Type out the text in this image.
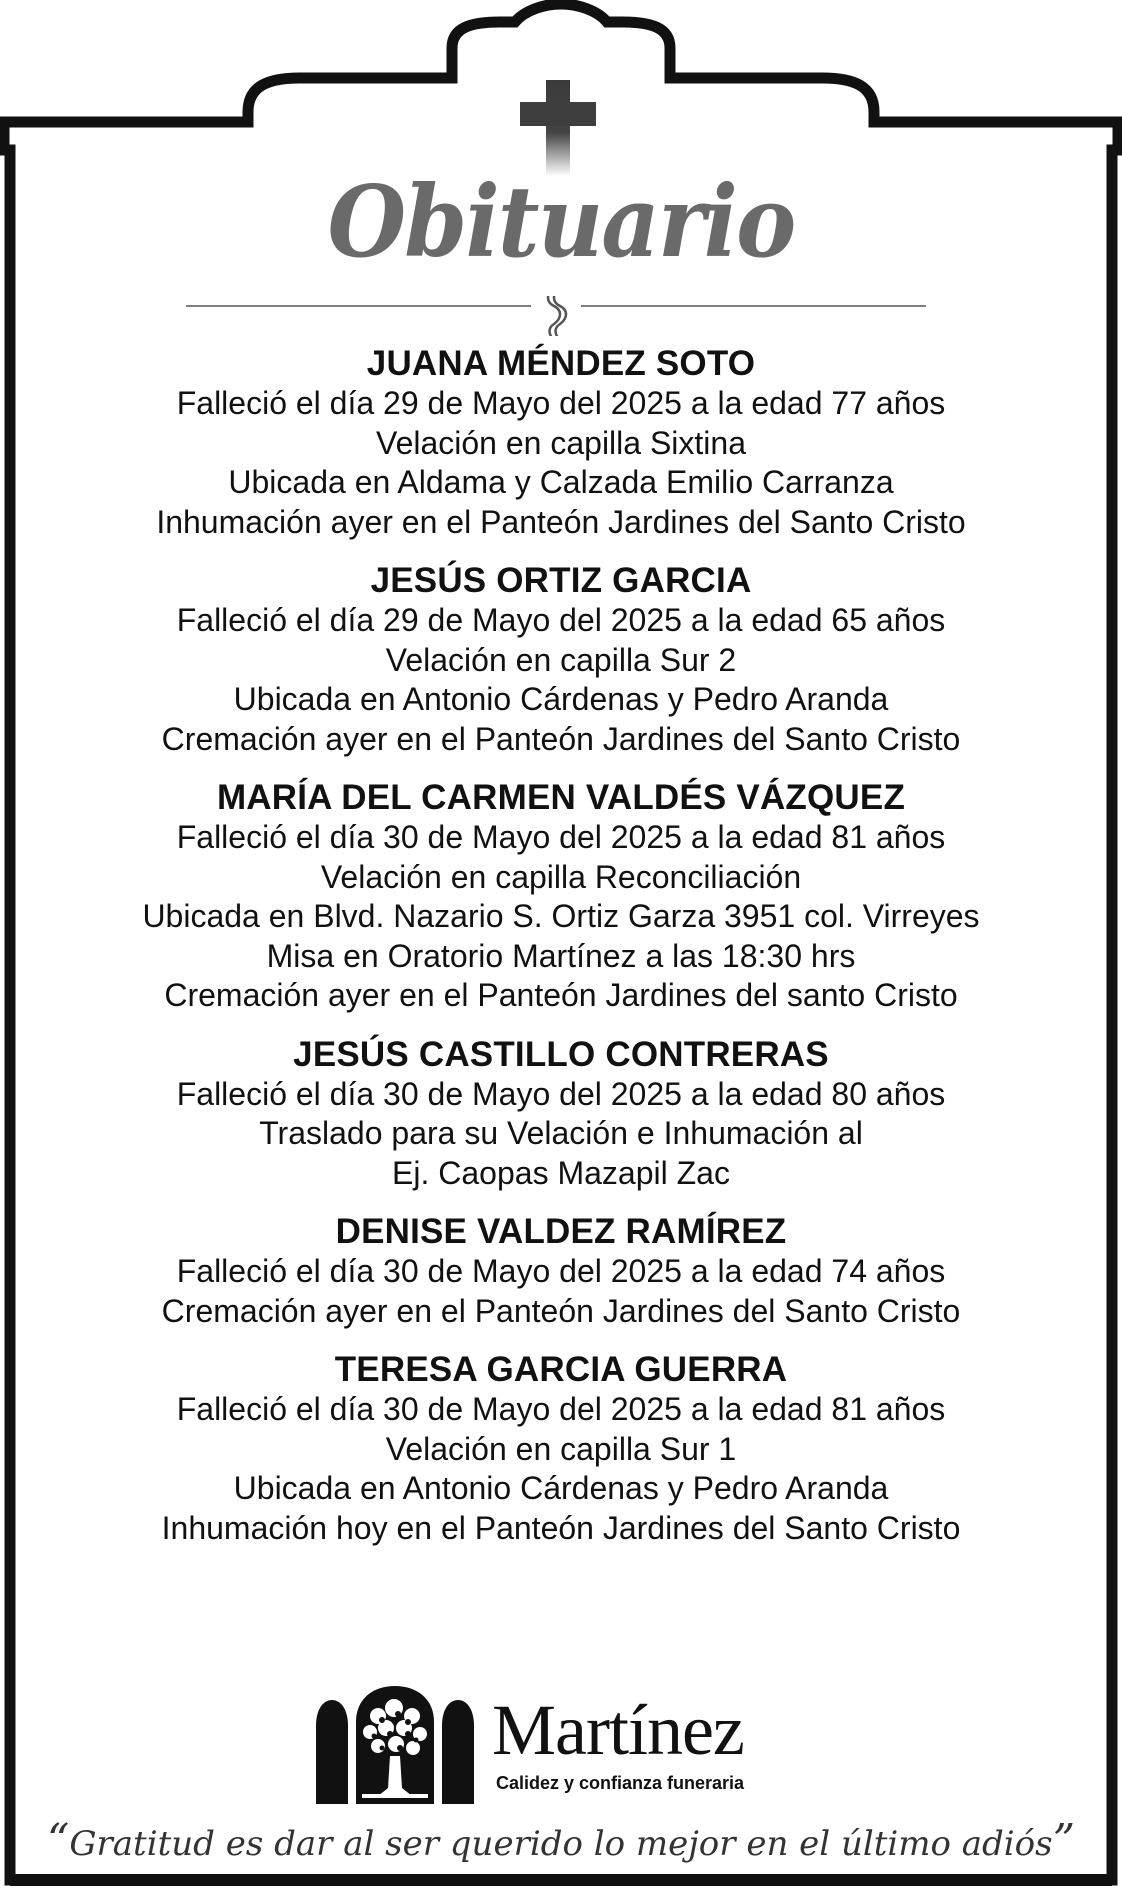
Obituario
JUANA MÉNDEZ SOTO
Falleció el día 29 de Mayo del 2025 a la edad 77 años
Velación en capilla Sixtina
Ubicada en Aldama y Calzada Emilio Carranza
Inhumación ayer en el Panteón Jardines del Santo Cristo
JESÚS ORTIZ GARCIA
Falleció el día 29 de Mayo del 2025 a la edad 65 años
Velación en capilla Sur 2
Ubicada en Antonio Cárdenas y Pedro Aranda
Cremación ayer en el Panteón Jardines del Santo Cristo
MARÍA DEL CARMEN VALDÉS VÁZQUEZ
Falleció el día 30 de Mayo del 2025 a la edad 81 años
Velación en capilla Reconciliación
Ubicada en Blvd. Nazario S. Ortiz Garza 3951 col. Virreyes
Misa en Oratorio Martínez a las 18:30 hrs
Cremación ayer en el Panteón Jardines del santo Cristo
JESÚS CASTILLO CONTRERAS
Falleció el día 30 de Mayo del 2025 a la edad 80 años
Traslado para su Velación e Inhumación al
Ej. Caopas Mazapil Zac
DENISE VALDEZ RAMÍREZ
Falleció el día 30 de Mayo del 2025 a la edad 74 años
Cremación ayer en el Panteón Jardines del Santo Cristo
TERESA GARCIA GUERRA
Falleció el día 30 de Mayo del 2025 a la edad 81 años
Velación en capilla Sur 1
Ubicada en Antonio Cárdenas y Pedro Aranda
Inhumación hoy en el Panteón Jardines del Santo Cristo
Martínez
Calidez y confianza funeraria
“Gratitud es dar al ser querido lo mejor en el último adiós”
